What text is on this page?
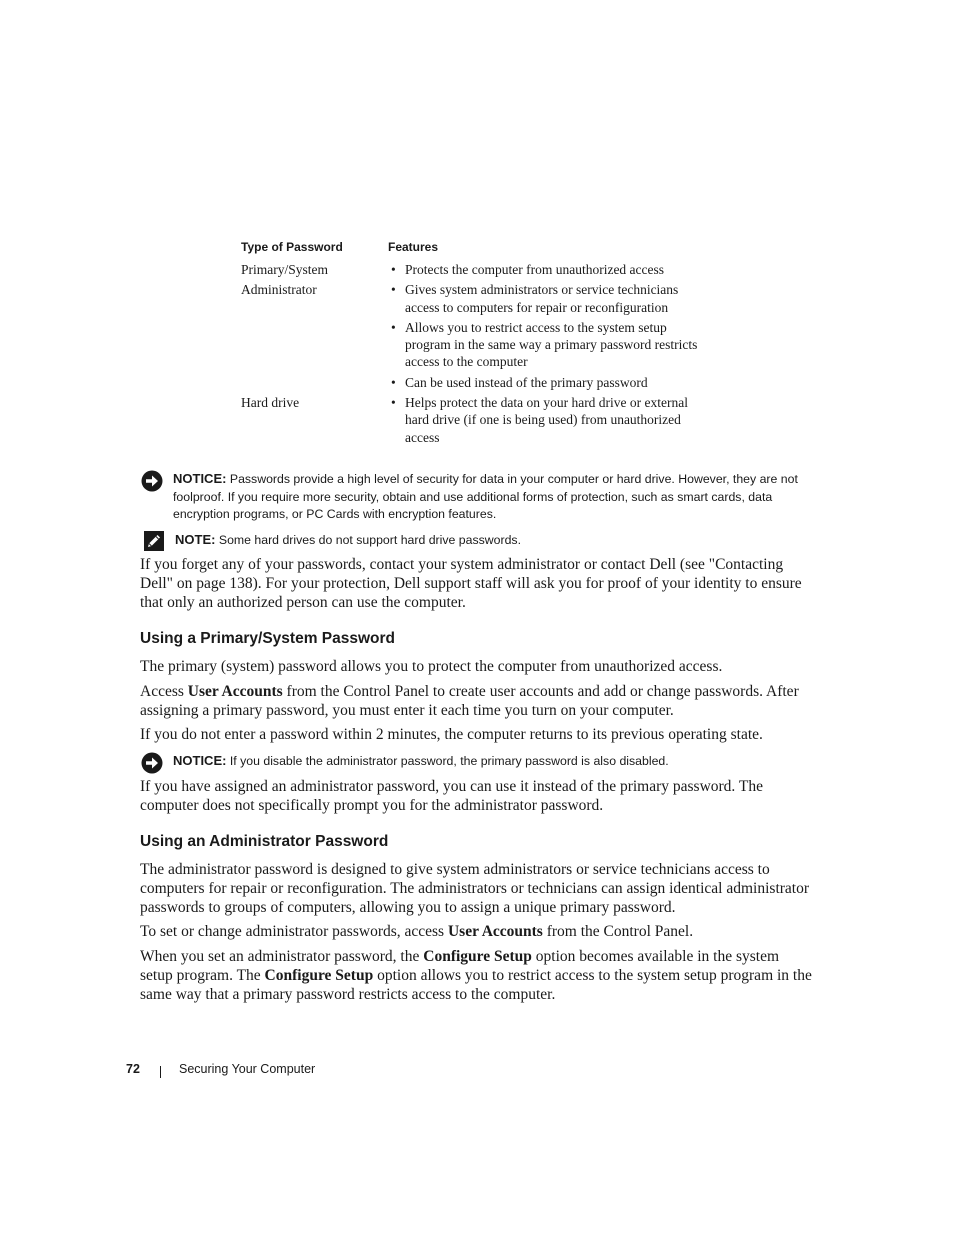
Type of Password	Features
Primary/System	• Protects the computer from unauthorized access
Administrator	• Gives system administrators or service technicians access to computers for repair or reconfiguration
• Allows you to restrict access to the system setup program in the same way a primary password restricts access to the computer
• Can be used instead of the primary password
Hard drive	• Helps protect the data on your hard drive or external hard drive (if one is being used) from unauthorized access
NOTICE: Passwords provide a high level of security for data in your computer or hard drive. However, they are not foolproof. If you require more security, obtain and use additional forms of protection, such as smart cards, data encryption programs, or PC Cards with encryption features.
NOTE: Some hard drives do not support hard drive passwords.
If you forget any of your passwords, contact your system administrator or contact Dell (see "Contacting Dell" on page 138). For your protection, Dell support staff will ask you for proof of your identity to ensure that only an authorized person can use the computer.
Using a Primary/System Password
The primary (system) password allows you to protect the computer from unauthorized access.
Access User Accounts from the Control Panel to create user accounts and add or change passwords. After assigning a primary password, you must enter it each time you turn on your computer.
If you do not enter a password within 2 minutes, the computer returns to its previous operating state.
NOTICE: If you disable the administrator password, the primary password is also disabled.
If you have assigned an administrator password, you can use it instead of the primary password. The computer does not specifically prompt you for the administrator password.
Using an Administrator Password
The administrator password is designed to give system administrators or service technicians access to computers for repair or reconfiguration. The administrators or technicians can assign identical administrator passwords to groups of computers, allowing you to assign a unique primary password.
To set or change administrator passwords, access User Accounts from the Control Panel.
When you set an administrator password, the Configure Setup option becomes available in the system setup program. The Configure Setup option allows you to restrict access to the system setup program in the same way that a primary password restricts access to the computer.
72	Securing Your Computer
